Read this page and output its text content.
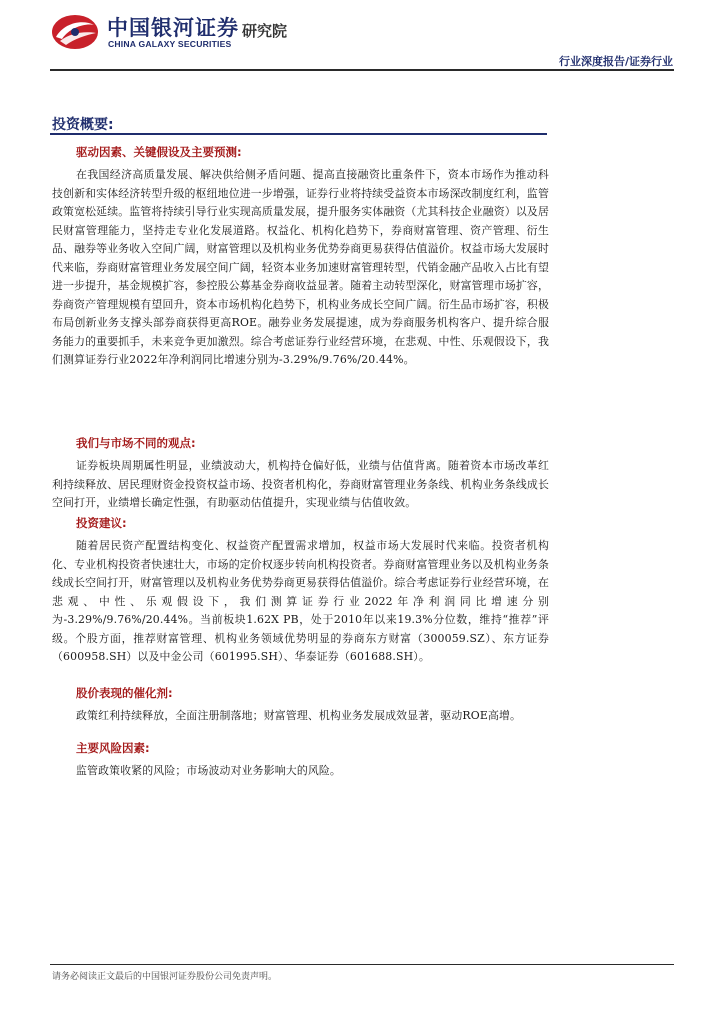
中国银河证券
CHINA GALAXY SECURITIES
研究院
行业深度报告/证券行业
投资概要:
驱动因素、关键假设及主要预测:

在我国经济高质量发展、解决供给侧矛盾问题、提高直接融资比重条件下，资本市场作为推动科技创新和实体经济转型升级的枢纽地位进一步增强，证券行业将持续受益资本市场深改制度红利，监管政策宽松延续。监管将持续引导行业实现高质量发展，提升服务实体融资（尤其科技企业融资）以及居民财富管理能力，坚持走专业化发展道路。权益化、机构化趋势下，券商财富管理、资产管理、衍生品、融券等业务收入空间广阔，财富管理以及机构业务优势券商更易获得估值溢价。权益市场大发展时代来临，券商财富管理业务发展空间广阔，轻资本业务加速财富管理转型，代销金融产品收入占比有望进一步提升，基金规模扩容，参控股公募基金券商收益显著。随着主动转型深化，财富管理市场扩容，券商资产管理规模有望回升，资本市场机构化趋势下，机构业务成长空间广阔。衍生品市场扩容，积极布局创新业务支撑头部券商获得更高ROE。融券业务发展提速，成为券商服务机构客户、提升综合服务能力的重要抓手，未来竞争更加激烈。综合考虑证券行业经营环境，在悲观、中性、乐观假设下，我们测算证券行业2022年净利润同比增速分别为-3.29%/9.76%/20.44%。

我们与市场不同的观点:

证券板块周期属性明显，业绩波动大，机构持仓偏好低，业绩与估值背离。随着资本市场改革红利持续释放、居民理财资金投资权益市场、投资者机构化，券商财富管理业务条线、机构业务条线成长空间打开，业绩增长确定性强，有助驱动估值提升，实现业绩与估值收敛。

投资建议:

随着居民资产配置结构变化、权益资产配置需求增加，权益市场大发展时代来临。投资者机构化、专业机构投资者快速壮大，市场的定价权逐步转向机构投资者。券商财富管理业务以及机构业务条线成长空间打开，财富管理以及机构业务优势券商更易获得估值溢价。综合考虑证券行业经营环境，在悲观、中性、乐观假设下，我们测算证券行业2022年净利润同比增速分别为-3.29%/9.76%/20.44%。当前板块1.62X PB，处于2010年以来19.3%分位数，维持“推荐”评级。个股方面，推荐财富管理、机构业务领域优势明显的券商东方财富（300059.SZ）、东方证券（600958.SH）以及中金公司（601995.SH）、华泰证券（601688.SH）。

股价表现的催化剂:

政策红利持续释放，全面注册制落地；财富管理、机构业务发展成效显著，驱动ROE高增。

主要风险因素:

监管政策收紧的风险；市场波动对业务影响大的风险。

请务必阅读正文最后的中国银河证券股份公司免责声明。
